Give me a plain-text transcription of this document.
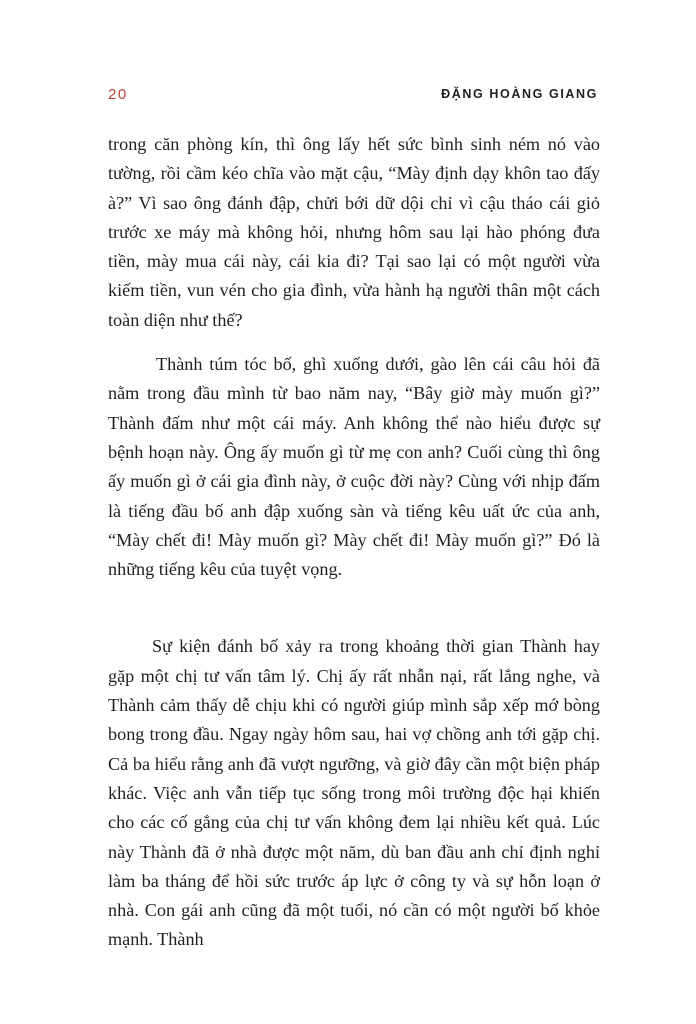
20	ĐẶNG HOÀNG GIANG

trong căn phòng kín, thì ông lấy hết sức bình sinh ném nó vào tường, rồi cầm kéo chĩa vào mặt cậu, “Mày định dạy khôn tao đấy à?” Vì sao ông đánh đập, chửi bới dữ dội chỉ vì cậu tháo cái giỏ trước xe máy mà không hỏi, nhưng hôm sau lại hào phóng đưa tiền, mày mua cái này, cái kia đi? Tại sao lại có một người vừa kiếm tiền, vun vén cho gia đình, vừa hành hạ người thân một cách toàn diện như thế?

Thành túm tóc bố, ghì xuống dưới, gào lên cái câu hỏi đã nằm trong đầu mình từ bao năm nay, “Bây giờ mày muốn gì?” Thành đấm như một cái máy. Anh không thể nào hiểu được sự bệnh hoạn này. Ông ấy muốn gì từ mẹ con anh? Cuối cùng thì ông ấy muốn gì ở cái gia đình này, ở cuộc đời này? Cùng với nhịp đấm là tiếng đầu bố anh đập xuống sàn và tiếng kêu uất ức của anh, “Mày chết đi! Mày muốn gì? Mày chết đi! Mày muốn gì?” Đó là những tiếng kêu của tuyệt vọng.

Sự kiện đánh bố xảy ra trong khoảng thời gian Thành hay gặp một chị tư vấn tâm lý. Chị ấy rất nhẫn nại, rất lắng nghe, và Thành cảm thấy dễ chịu khi có người giúp mình sắp xếp mớ bòng bong trong đầu. Ngay ngày hôm sau, hai vợ chồng anh tới gặp chị. Cả ba hiểu rằng anh đã vượt ngưỡng, và giờ đây cần một biện pháp khác. Việc anh vẫn tiếp tục sống trong môi trường độc hại khiến cho các cố gắng của chị tư vấn không đem lại nhiều kết quả. Lúc này Thành đã ở nhà được một năm, dù ban đầu anh chỉ định nghỉ làm ba tháng để hồi sức trước áp lực ở công ty và sự hỗn loạn ở nhà. Con gái anh cũng đã một tuổi, nó cần có một người bố khỏe mạnh. Thành
